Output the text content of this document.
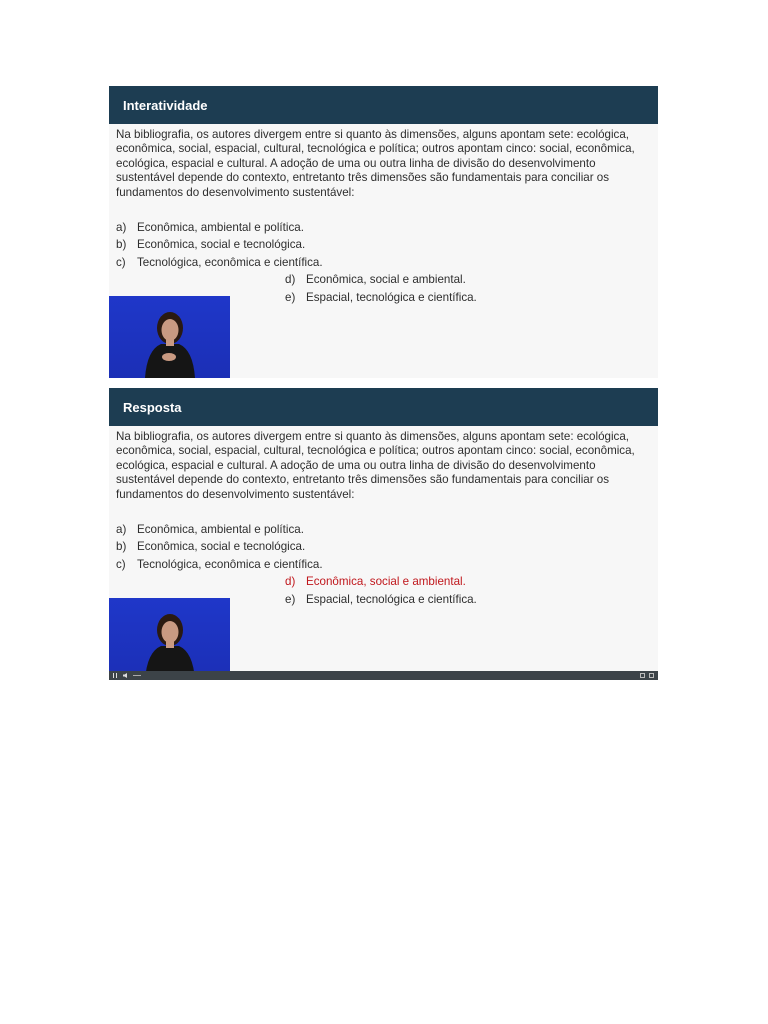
Interatividade

Na bibliografia, os autores divergem entre si quanto às dimensões, alguns apontam sete: ecológica, econômica, social, espacial, cultural, tecnológica e política; outros apontam cinco: social, econômica, ecológica, espacial e cultural. A adoção de uma ou outra linha de divisão do desenvolvimento sustentável depende do contexto, entretanto três dimensões são fundamentais para conciliar os fundamentos do desenvolvimento sustentável:

a) Econômica, ambiental e política.
b) Econômica, social e tecnológica.
c) Tecnológica, econômica e científica.
d) Econômica, social e ambiental.
e) Espacial, tecnológica e científica.
Resposta

Na bibliografia, os autores divergem entre si quanto às dimensões, alguns apontam sete: ecológica, econômica, social, espacial, cultural, tecnológica e política; outros apontam cinco: social, econômica, ecológica, espacial e cultural. A adoção de uma ou outra linha de divisão do desenvolvimento sustentável depende do contexto, entretanto três dimensões são fundamentais para conciliar os fundamentos do desenvolvimento sustentável:

a) Econômica, ambiental e política.
b) Econômica, social e tecnológica.
c) Tecnológica, econômica e científica.
d) Econômica, social e ambiental.
e) Espacial, tecnológica e científica.
